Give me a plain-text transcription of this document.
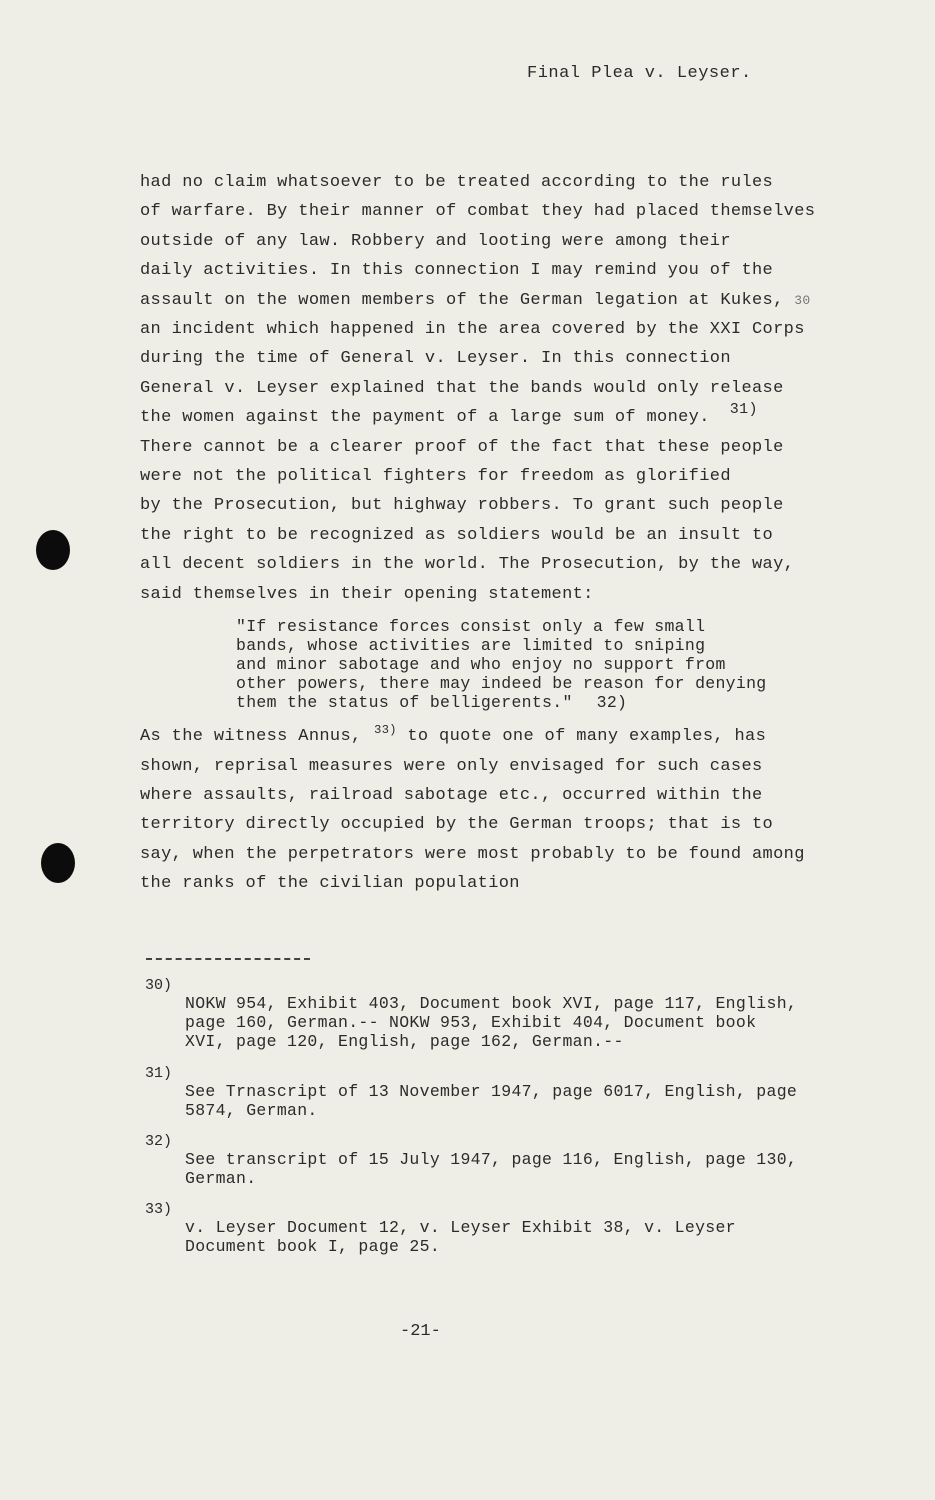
Final Plea v. Leyser.
had no claim whatsoever to be treated according to the rules
of warfare. By their manner of combat they had placed themselves
outside of any law. Robbery and looting were among their
daily activities. In this connection I may remind you of the
assault on the women members of the German legation at Kukes, $^{30}$
an incident which happened in the area covered by the XXI Corps
during the time of General v. Leyser. In this connection
General v. Leyser explained that the bands would only release
the women against the payment of a large sum of money. 31)
There cannot be a clearer proof of the fact that these people
were not the political fighters for freedom as glorified
by the Prosecution, but highway robbers. To grant such people
the right to be recognized as soldiers would be an insult to
all decent soldiers in the world. The Prosecution, by the way,
said themselves in their opening statement:
"If resistance forces consist only a few small
bands, whose activities are limited to sniping
and minor sabotage and who enjoy no support from
other powers, there may indeed be reason for denying
them the status of belligerents." 32)
As the witness Annus, $^{33)}$ to quote one of many examples, has
shown, reprisal measures were only envisaged for such cases
where assaults, railroad sabotage etc., occurred within the
territory directly occupied by the German troops; that is to
say, when the perpetrators were most probably to be found among
the ranks of the civilian population
30)
NOKW 954, Exhibit 403, Document book XVI, page 117, English,
page 160, German.-- NOKW 953, Exhibit 404, Document book
XVI, page 120, English, page 162, German.--
31)
See Trnascript of 13 November 1947, page 6017, English, page
5874, German.
32)
See transcript of 15 July 1947, page 116, English, page 130,
German.
33)
v. Leyser Document 12, v. Leyser Exhibit 38, v. Leyser
Document book I, page 25.
-21-
